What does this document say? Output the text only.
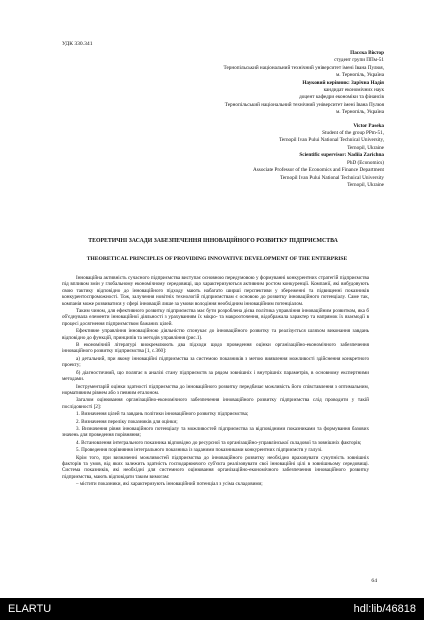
УДК 330.341
Пасєка Віктор
студент групи ППм-51
Тернопільський національний технічний університет імені Івана Пулюя,
м. Тернопіль, Україна
Науковий керівник: Зарічна Надія
кандидат економічних наук
доцент кафедри економіки та фінансів
Тернопільський національний технічний університет імені Івана Пулюя
м. Тернопіль, Україна
Victor Paseka
Student of the group PPm-51,
Ternopil Ivan Pului National Technical University,
Ternopil, Ukraine
Scientific supervisor: Nadiia Zarichna
PhD (Economics)
Associate Professor of the Economics and Finance Department
Ternopil Ivan Pului National Technical University
Ternopil, Ukraine
ТЕОРЕТИЧНІ ЗАСАДИ ЗАБЕЗПЕЧЕННЯ ІННОВАЦІЙНОГО РОЗВИТКУ ПІДПРИЄМСТВА
THEORETICAL PRINCIPLES OF PROVIDING INNOVATIVE DEVELOPMENT OF THE ENTERPRISE

Інноваційна активність сучасного підприємства виступає основною передумовою у формуванні конкурентних стратегій підприємства під впливом змін у глобальному економічному середовищі, що характеризуються активним ростом конкуренції. Компанії, які вибудовують свою тактику відповідно до інноваційного підходу мають набагато ширші перспективи у збереженні та підвищенні показників конкурентоспроможності. Тож, залучення новітніх технологій підприємствам є основою до розвитку інноваційного потенціалу. Саме так, компанія може розвиватися у сфері інновацій лише за умови володіння необхідним інноваційним потенціалом.

Таким чином, для ефективного розвитку підприємства має бути розроблена дієва політика управління інноваційним розвитком, яка б об'єднувала елементи інноваційної діяльності з урахуванням їх мікро- та макрооточення, відображала характер та напрямок їх взаємодії в процесі досягнення підприємством бажаних цілей.

Ефективне управління інноваційною діяльністю спонукає до інноваційного розвитку та реалізується шляхом виконання завдань відповідно до функцій, принципів та методів управління (рис.1).

В економічній літературі виокремлюють два підходи щодо проведення оцінки організаційно-економічного забезпечення інноваційного розвитку підприємства [1, с.360]:

а) детальний, при якому інноваційні підприємства за системою показників з метою виявлення можливості здійснення конкретного проекту;

б) діагностичний, що полягає в аналізі стану підприємств за рядом зовнішніх і внутрішніх параметрів, в основному експертними методами.

Інструментарій оцінки здатності підприємства до інноваційного розвитку передбачає можливість його співставлення з оптимальним, нормативним рівнем або з певним еталоном.

Загалом оцінювання організаційно-економічного забезпечення інноваційного розвитку підприємства слід проводити у такій послідовності [2]:

1. Визначення цілей та завдань політики інноваційного розвитку підприємства;

2. Визначення переліку показників для оцінки;

3. Визначення рівня інноваційного потенціалу та можливостей підприємства за відповідними показниками та формування базових значень для проведення порівняння;

4. Встановлення інтегрального показника відповідно до ресурсної та організаційно-управлінської складової та зовнішніх факторів;

5. Проведення порівняння інтегрального показника із заданими показниками конкурентних підприємств у галузі.

Крім того, при визначенні можливостей підприємства до інноваційного розвитку необхідно враховувати сукупність зовнішніх факторів та умов, від яких залежить здатність господарюючого суб'єкта реалізовувати свої інноваційні цілі в зовнішньому середовищі. Система показників, які необхідні для системного оцінювання організаційно-економічного забезпечення інноваційного розвитку підприємства, мають відповідати таким вимогам:

– містити показники, які характеризують інноваційний потенціал з усіма складовими;

64
ELARTU	hdl:lib/46818
